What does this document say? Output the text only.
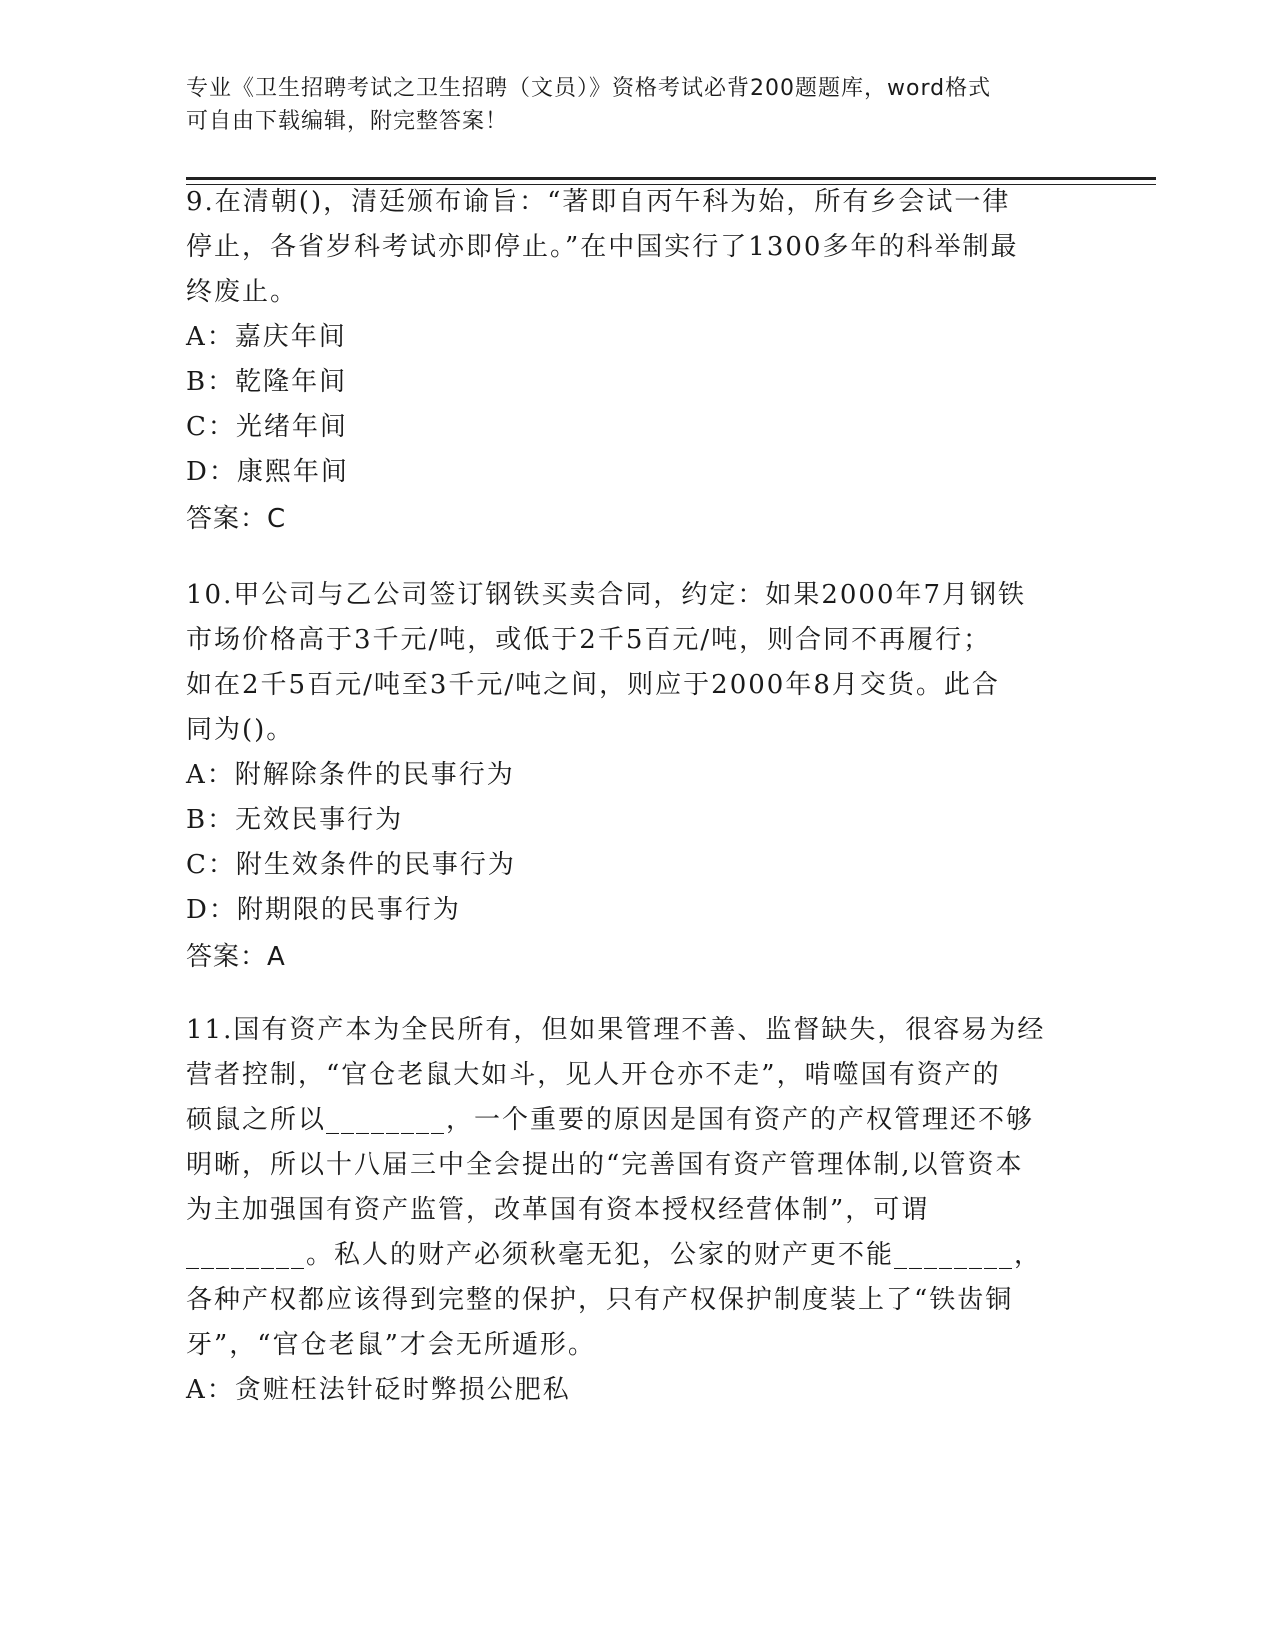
专业《卫生招聘考试之卫生招聘（文员）》资格考试必背200题题库，word格式
可自由下载编辑，附完整答案！
9.在清朝()，清廷颁布谕旨：“著即自丙午科为始，所有乡会试一律
停止，各省岁科考试亦即停止。”在中国实行了1300多年的科举制最
终废止。
A：嘉庆年间
B：乾隆年间
C：光绪年间
D：康熙年间
答案：C
10.甲公司与乙公司签订钢铁买卖合同，约定：如果2000年7月钢铁
市场价格高于3千元/吨，或低于2千5百元/吨，则合同不再履行；
如在2千5百元/吨至3千元/吨之间，则应于2000年8月交货。此合
同为()。
A：附解除条件的民事行为
B：无效民事行为
C：附生效条件的民事行为
D：附期限的民事行为
答案：A
11.国有资产本为全民所有，但如果管理不善、监督缺失，很容易为经
营者控制，“官仓老鼠大如斗，见人开仓亦不走”，啃噬国有资产的
硕鼠之所以________，一个重要的原因是国有资产的产权管理还不够
明晰，所以十八届三中全会提出的“完善国有资产管理体制,以管资本
为主加强国有资产监管，改革国有资本授权经营体制”，可谓
________。私人的财产必须秋毫无犯，公家的财产更不能________，
各种产权都应该得到完整的保护，只有产权保护制度装上了“铁齿铜
牙”，“官仓老鼠”才会无所遁形。
A：贪赃枉法针砭时弊损公肥私
